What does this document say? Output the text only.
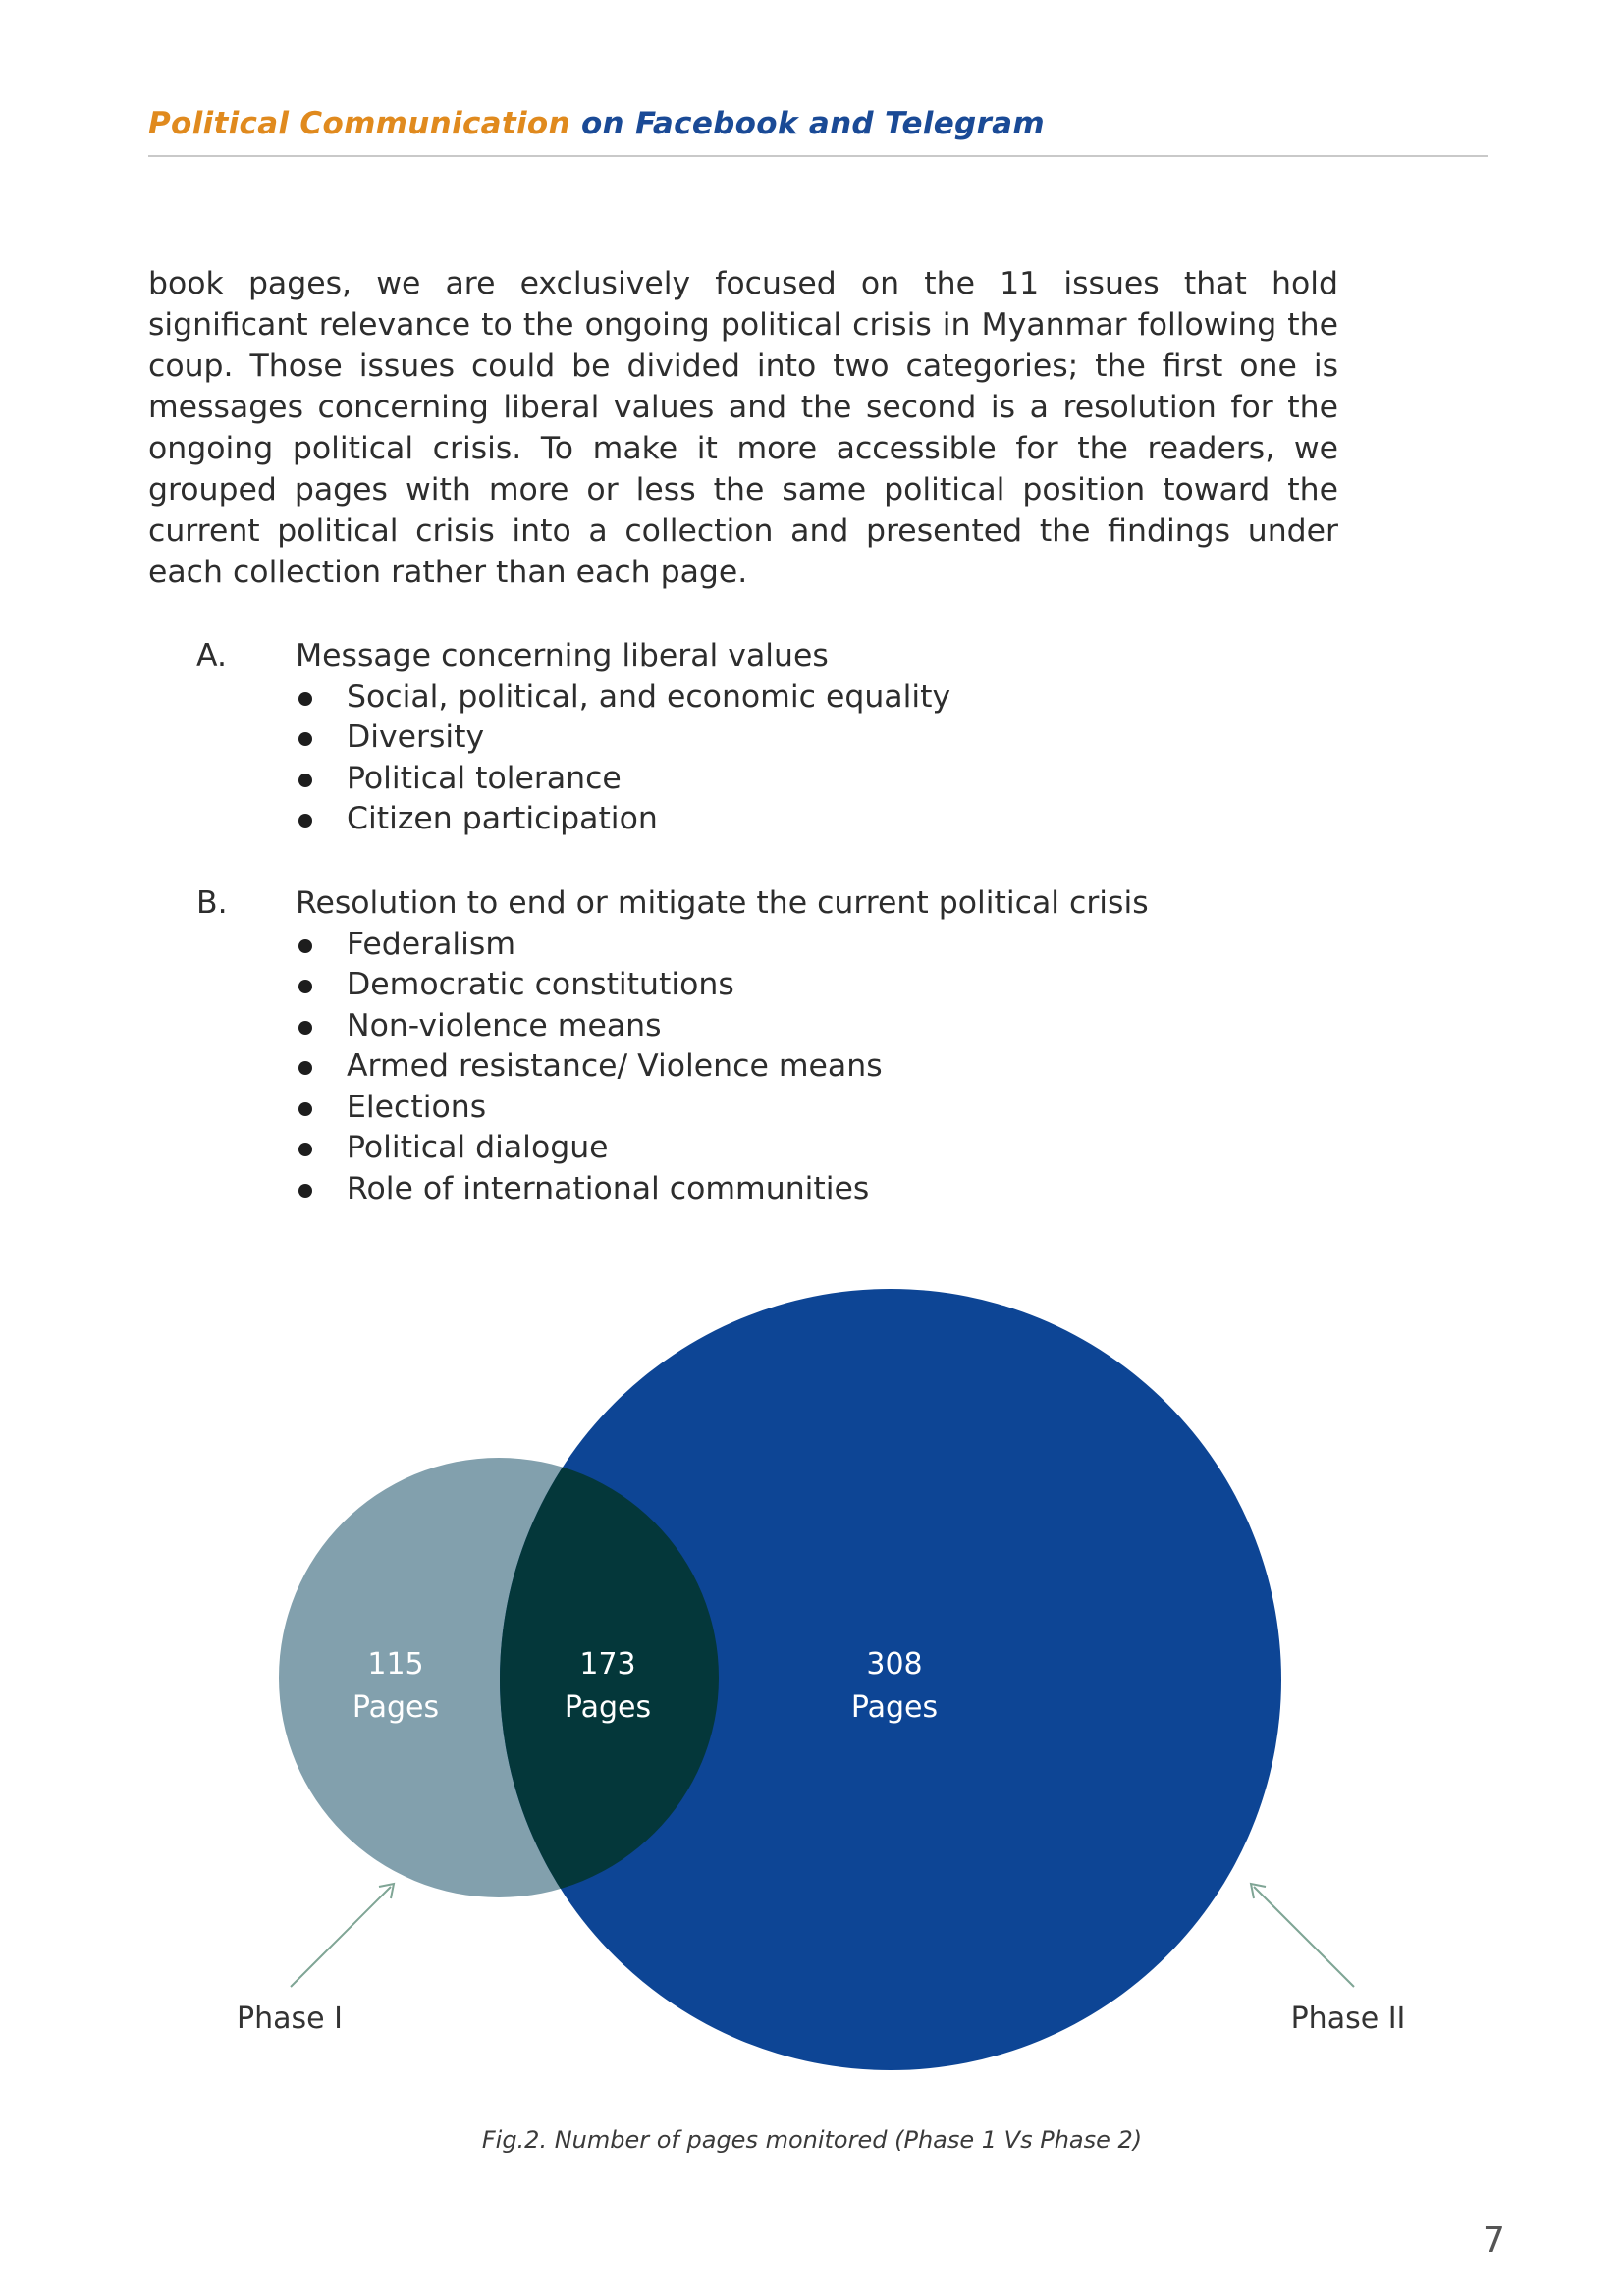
Political Communication on Facebook and Telegram

book pages, we are exclusively focused on the 11 issues that hold significant relevance to the ongoing political crisis in Myanmar following the coup. Those issues could be divided into two categories; the first one is messages concerning liberal values and the second is a resolution for the ongoing political crisis. To make it more accessible for the readers, we grouped pages with more or less the same political position toward the current political crisis into a collection and presented the findings under each collection rather than each page.

A. Message concerning liberal values
Social, political, and economic equality
Diversity
Political tolerance
Citizen participation
B. Resolution to end or mitigate the current political crisis
Federalism
Democratic constitutions
Non-violence means
Armed resistance/ Violence means
Elections
Political dialogue
Role of international communities
115
Pages
173
Pages
308
Pages
Phase I	Phase II
Fig.2. Number of pages monitored (Phase 1 Vs Phase 2)
7
